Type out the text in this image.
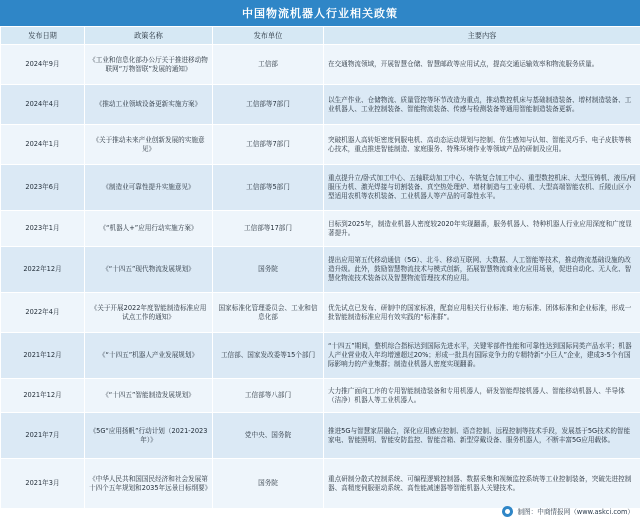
中国物流机器人行业相关政策
发布日期	政策名称	发布单位	主要内容
2024年9月	《工业和信息化部办公厅关于推进移动物联网“万物智联”发展的通知》	工信部	在交通物流领域，开展智慧仓储、智慧邮政等应用试点，提高交通运输效率和物流服务质量。
2024年4月	《推动工业领域设备更新实施方案》	工信部等7部门	以生产作业、仓储物流、质量管控等环节改造为重点，推动数控机床与基础制造装备、增材制造装备、工业机器人、工业控制装备、智能物流装备、传感与检测装备等通用智能制造装备更新。
2024年1月	《关于推动未来产业创新发展的实施意见》	工信部等7部门	突破机器人高转矩密度伺服电机、高动态运动规划与控制、仿生感知与认知、智能灵巧手、电子皮肤等核心技术，重点推进智能制造、家庭服务、特殊环境作业等领域产品的研制及应用。
2023年6月	《制造业可靠性提升实施意见》	工信部等5部门	重点提升立/卧式加工中心、五轴联动加工中心、车铣复合加工中心、重型数控机床、大型压铸机、液压/伺服压力机、激光焊接与切割装备、真空热处理炉、增材制造与工业母机、大型高端智能农机、丘陵山区小型适用农机等农机装备、工业机器人等产品的可靠性水平。
2023年1月	《“机器人+”应用行动实施方案》	工信部等17部门	目标到2025年，制造业机器人密度较2020年实现翻番，服务机器人、特种机器人行业应用深度和广度显著提升。
2022年12月	《“十四五”现代物流发展规划》	国务院	提出应用第五代移动通信（5G）、北斗、移动互联网、大数据、人工智能等技术，推动物流基础设施的改造升级。此外，鼓励智慧物流技术与模式创新，拓展智慧物流商业化应用场景，促进自动化、无人化、智慧化物流技术装备以及智慧物流管理技术的应用。
2022年4月	《关于开展2022年度智能制造标准应用试点工作的通知》	国家标准化管理委员会、工业和信息化部	优先试点已发布、研制中的国家标准，配套应用相关行业标准、地方标准、团体标准和企业标准，形成一批智能制造标准应用有效实践的“标准群”。
2021年12月	《“十四五”机器人产业发展规划》	工信部、国家发改委等15个部门	“十四五”期间，整机综合指标达到国际先进水平，关键零部件性能和可靠性达到国际同类产品水平；机器人产业营业收入年均增速超过20%；形成一批具有国际竞争力的专精特新“小巨人”企业，建成3-5个有国际影响力的产业集群；制造业机器人密度实现翻番。
2021年12月	《“十四五”智能制造发展规划》	工信部等八部门	大力推广面向工序的专用智能制造装备和专用机器人，研发智能焊接机器人、智能移动机器人、半导体（洁净）机器人等工业机器人。
2021年7月	《5G“应用扬帆”行动计划（2021-2023年）》	党中央、国务院	推进5G与智慧家居融合，深化应用感应控制、语音控制、远程控制等技术手段，发展基于5G技术的智能家电、智能照明、智能安防监控、智能音箱、新型穿戴设备、服务机器人，不断丰富5G应用载体。
2021年3月	《中华人民共和国国民经济和社会发展第十四个五年规划和2035年远景目标纲要》	国务院	重点研制分散式控制系统、可编程逻辑控制器、数据采集和视频监控系统等工业控制装备，突破先进控制器、高精度伺服驱动系统、高性能减速器等智能机器人关键技术。
制图：中商情报网（www.askci.com）
